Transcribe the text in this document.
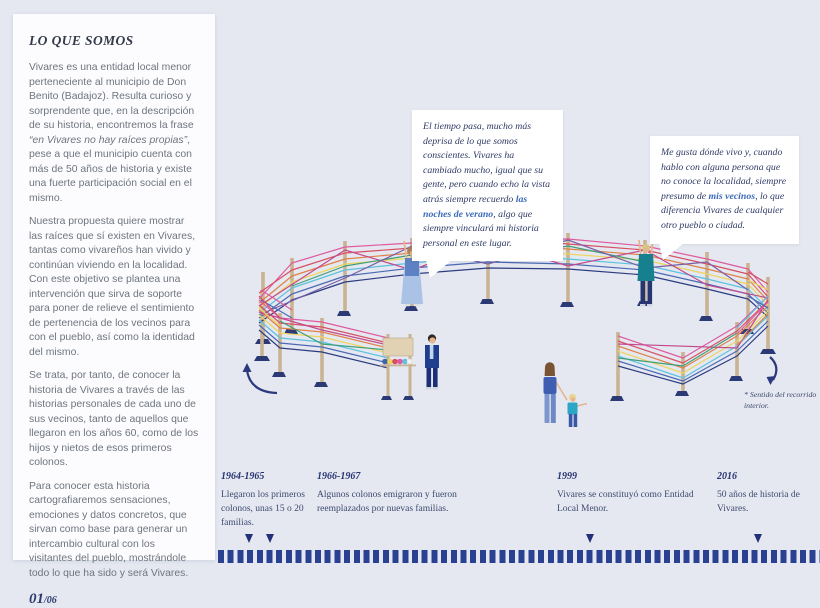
LO QUE SOMOS

Vivares es una entidad local menor perteneciente al municipio de Don Benito (Badajoz). Resulta curioso y sorprendente que, en la descripción de su historia, encontremos la frase “en Vivares no hay raíces propias”, pese a que el municipio cuenta con más de 50 años de historia y existe una fuerte participación social en el mismo.

Nuestra propuesta quiere mostrar las raíces que sí existen en Vivares, tantas como vivareños han vivido y continúan viviendo en la localidad. Con este objetivo se plantea una intervención que sirva de soporte para poner de relieve el sentimiento de pertenencia de los vecinos para con el pueblo, así como la identidad del mismo.

Se trata, por tanto, de conocer la historia de Vivares a través de las historias personales de cada uno de sus vecinos, tanto de aquellos que llegaron en los años 60, como de los hijos y nietos de esos primeros colonos.

Para conocer esta historia cartografiaremos sensaciones, emociones y datos concretos, que sirvan como base para generar un intercambio cultural con los visitantes del pueblo, mostrándole todo lo que ha sido y será Vivares.

01/06
* Sentido del recorrido interior.
El tiempo pasa, mucho más deprisa de lo que somos conscientes. Vivares ha cambiado mucho, igual que su gente, pero cuando echo la vista atrás siempre recuerdo las noches de verano, algo que siempre vinculará mi historia personal en este lugar.
Me gusta dónde vivo y, cuando hablo con alguna persona que no conoce la localidad, siempre presumo de mis vecinos, lo que diferencia Vivares de cualquier otro pueblo o ciudad.
1964-1965
Llegaron los primeros colonos, unas 15 o 20 familias.
1966-1967
Algunos colonos emigraron y fueron reemplazados por nuevas familias.
1999
Vivares se constituyó como Entidad Local Menor.
2016
50 años de historia de Vivares.
